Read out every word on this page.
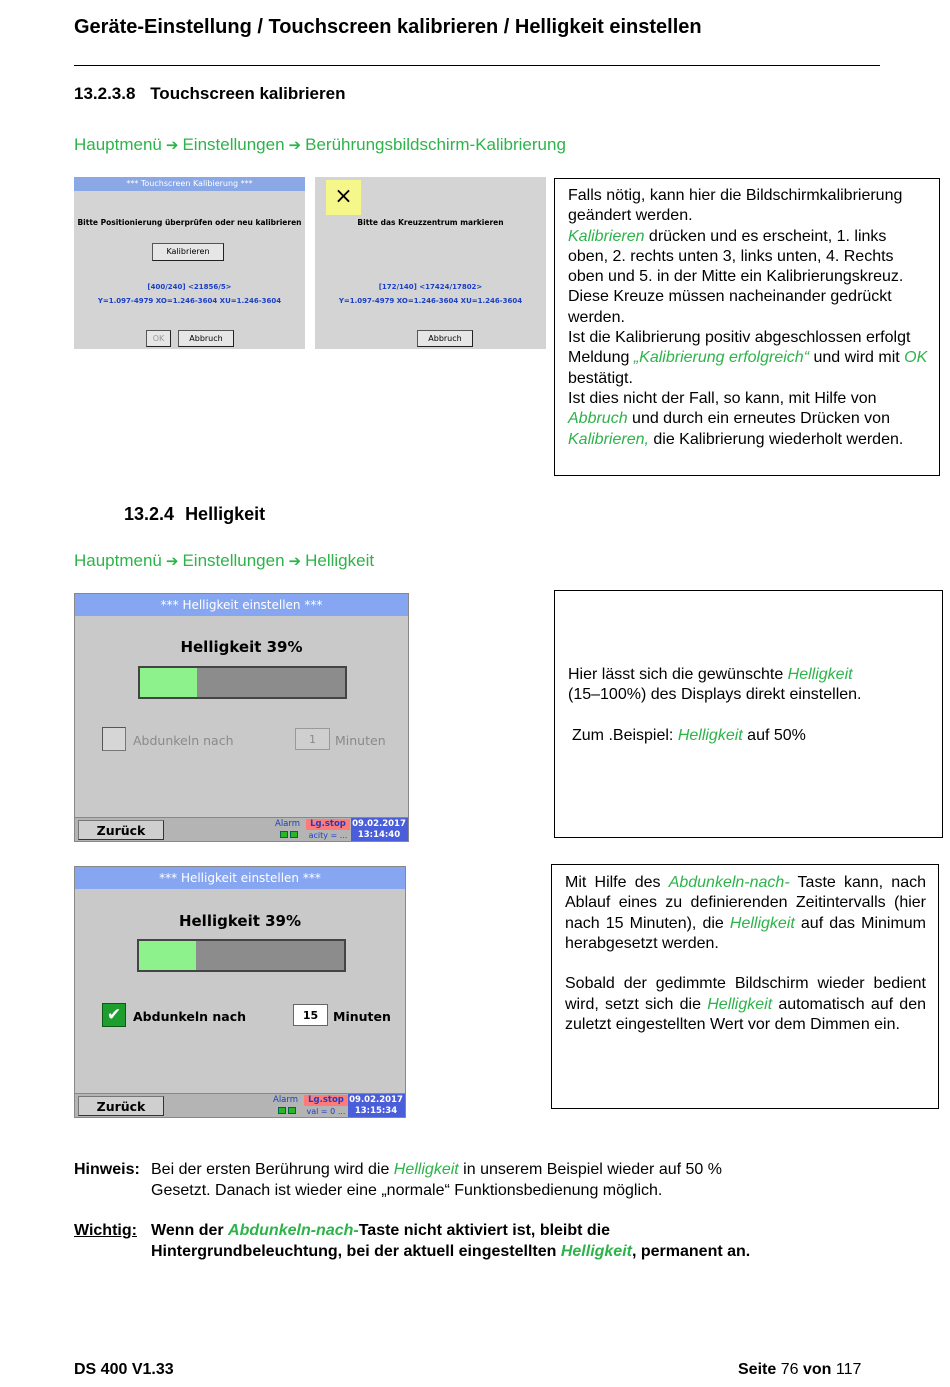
Geräte-Einstellung / Touchscreen kalibrieren / Helligkeit einstellen
13.2.3.8 Touchscreen kalibrieren
Hauptmenü ➔ Einstellungen ➔ Berührungsbildschirm-Kalibrierung
*** Touchscreen Kalibierung ***
Bitte Positionierung überprüfen oder neu kalibrieren
Kalibrieren
[400/240] <21856/5>
Y=1.097-4979 XO=1.246-3604 XU=1.246-3604
OK	Abbruch
×
Bitte das Kreuzzentrum markieren
[172/140] <17424/17802>
Y=1.097-4979 XO=1.246-3604 XU=1.246-3604
Abbruch
Falls nötig, kann hier die Bildschirmkalibrierung geändert werden.
Kalibrieren drücken und es erscheint, 1. links oben, 2. rechts unten 3, links unten, 4. Rechts oben und 5. in der Mitte ein Kalibrierungskreuz. Diese Kreuze müssen nacheinander gedrückt werden.
Ist die Kalibrierung positiv abgeschlossen erfolgt Meldung „Kalibrierung erfolgreich“ und wird mit OK bestätigt.
Ist dies nicht der Fall, so kann, mit Hilfe von Abbruch und durch ein erneutes Drücken von Kalibrieren, die Kalibrierung wiederholt werden.
13.2.4 Helligkeit
Hauptmenü ➔ Einstellungen ➔ Helligkeit
*** Helligkeit einstellen ***
Helligkeit 39%
Abdunkeln nach	1	Minuten
Zurück	Alarm	Lg.stop
acity = ...
09.02.2017
13:14:40
Hier lässt sich die gewünschte Helligkeit
(15–100%) des Displays direkt einstellen.
Zum .Beispiel: Helligkeit auf 50%
*** Helligkeit einstellen ***
Helligkeit 39%
✔ Abdunkeln nach	15	Minuten
Zurück	Alarm	Lg.stop
val = 0 ...
09.02.2017
13:15:34
Mit Hilfe des Abdunkeln-nach- Taste kann, nach Ablauf eines zu definierenden Zeitintervalls (hier nach 15 Minuten), die Helligkeit auf das Minimum herabgesetzt werden.
Sobald der gedimmte Bildschirm wieder bedient wird, setzt sich die Helligkeit automatisch auf den zuletzt eingestellten Wert vor dem Dimmen ein.
Hinweis: Bei der ersten Berührung wird die Helligkeit in unserem Beispiel wieder auf 50 %
Gesetzt. Danach ist wieder eine „normale“ Funktionsbedienung möglich.
Wichtig: Wenn der Abdunkeln-nach-Taste nicht aktiviert ist, bleibt die
Hintergrundbeleuchtung, bei der aktuell eingestellten Helligkeit, permanent an.
DS 400 V1.33	Seite 76 von 117
